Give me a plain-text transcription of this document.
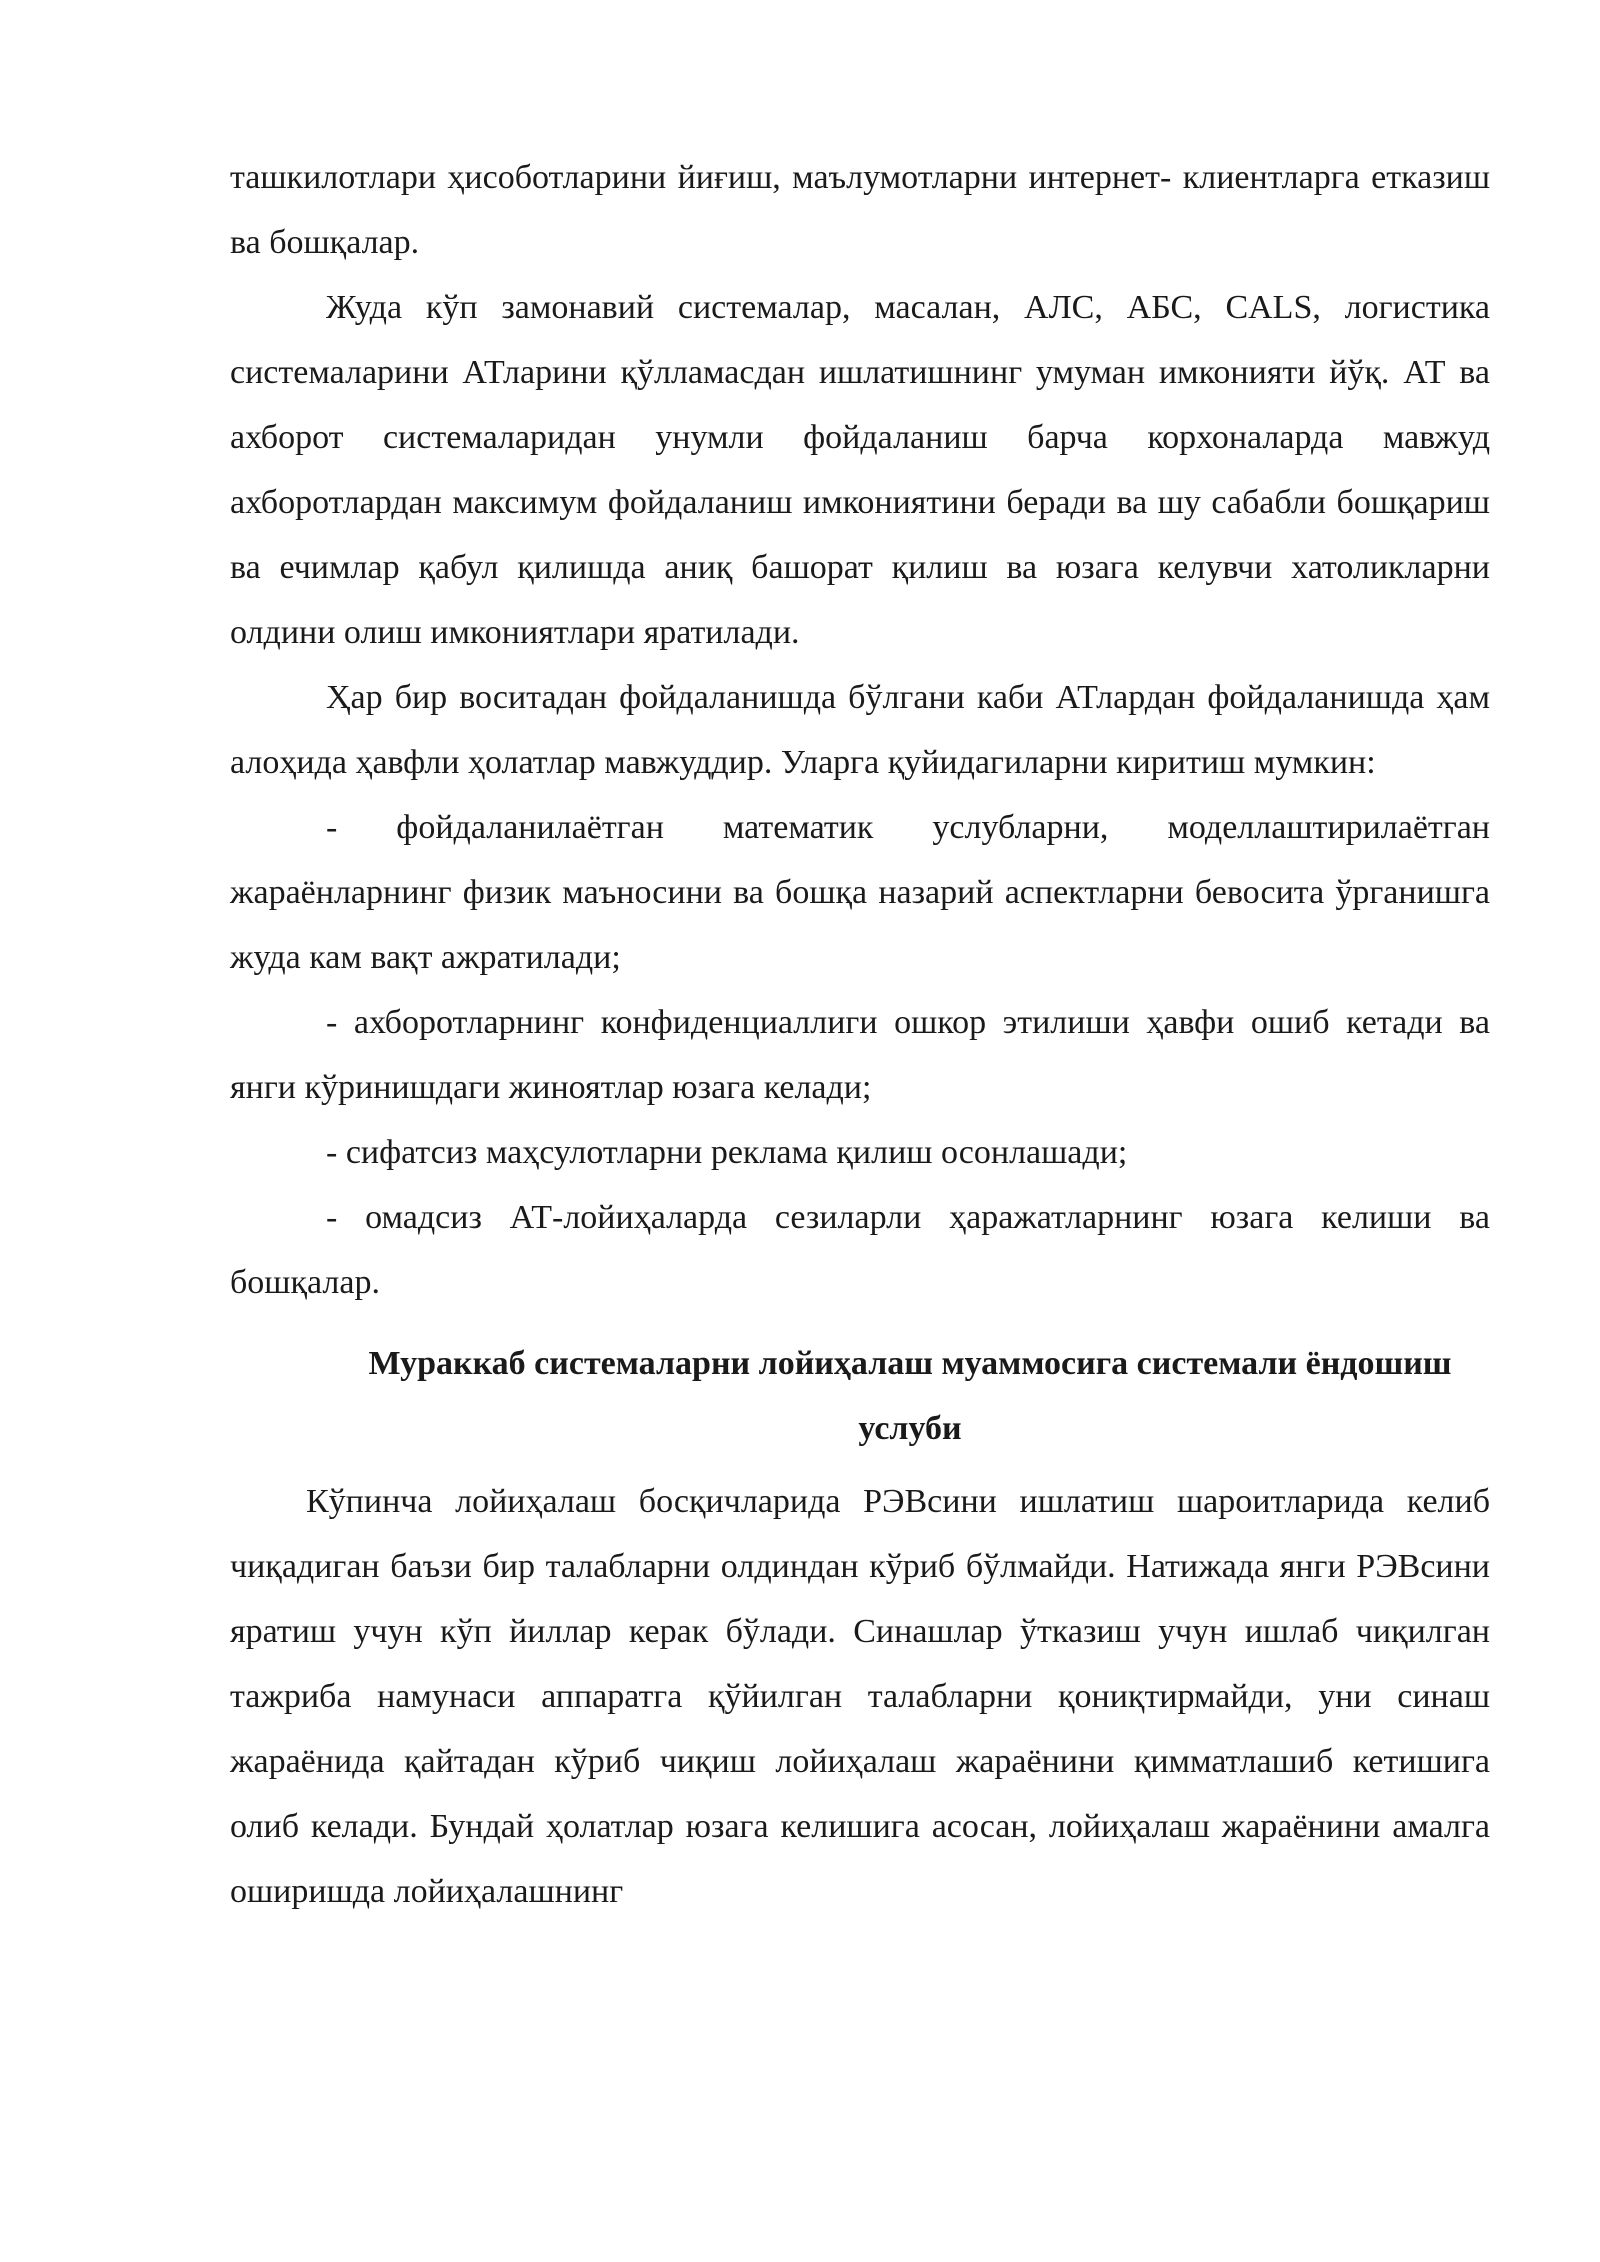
ташкилотлари ҳисоботларини йиғиш, маълумотларни интернет- клиентларга етказиш ва бошқалар.

Жуда кўп замонавий системалар, масалан, АЛС, АБС, CALS, логистика системаларини АТларини қўлламасдан ишлатишнинг умуман имконияти йўқ. АТ ва ахборот системаларидан унумли фойдаланиш барча корхоналарда мавжуд ахборотлардан максимум фойдаланиш имкониятини беради ва шу сабабли бошқариш ва ечимлар қабул қилишда аниқ башорат қилиш ва юзага келувчи хатоликларни олдини олиш имкониятлари яратилади.

Ҳар бир воситадан фойдаланишда бўлгани каби АТлардан фойдаланишда ҳам алоҳида ҳавфли ҳолатлар мавжуддир. Уларга қуйидагиларни киритиш мумкин:

- фойдаланилаётган математик услубларни, моделлаштирилаётган жараёнларнинг физик маъносини ва бошқа назарий аспектларни бевосита ўрганишга жуда кам вақт ажратилади;

- ахборотларнинг конфиденциаллиги ошкор этилиши ҳавфи ошиб кетади ва янги кўринишдаги жиноятлар юзага келади;

- сифатсиз маҳсулотларни реклама қилиш осонлашади;

- омадсиз АТ-лойиҳаларда сезиларли ҳаражатларнинг юзага келиши ва бошқалар.

Мураккаб системаларни лойиҳалаш муаммосига системали ёндошиш услуби

Кўпинча лойиҳалаш босқичларида РЭВсини ишлатиш шароитларида келиб чиқадиган баъзи бир талабларни олдиндан кўриб бўлмайди. Натижада янги РЭВсини яратиш учун кўп йиллар керак бўлади. Синашлар ўтказиш учун ишлаб чиқилган тажриба намунаси аппаратга қўйилган талабларни қониқтирмайди, уни синаш жараёнида қайтадан кўриб чиқиш лойиҳалаш жараёнини қимматлашиб кетишига олиб келади. Бундай ҳолатлар юзага келишига асосан, лойиҳалаш жараёнини амалга оширишда лойиҳалашнинг
